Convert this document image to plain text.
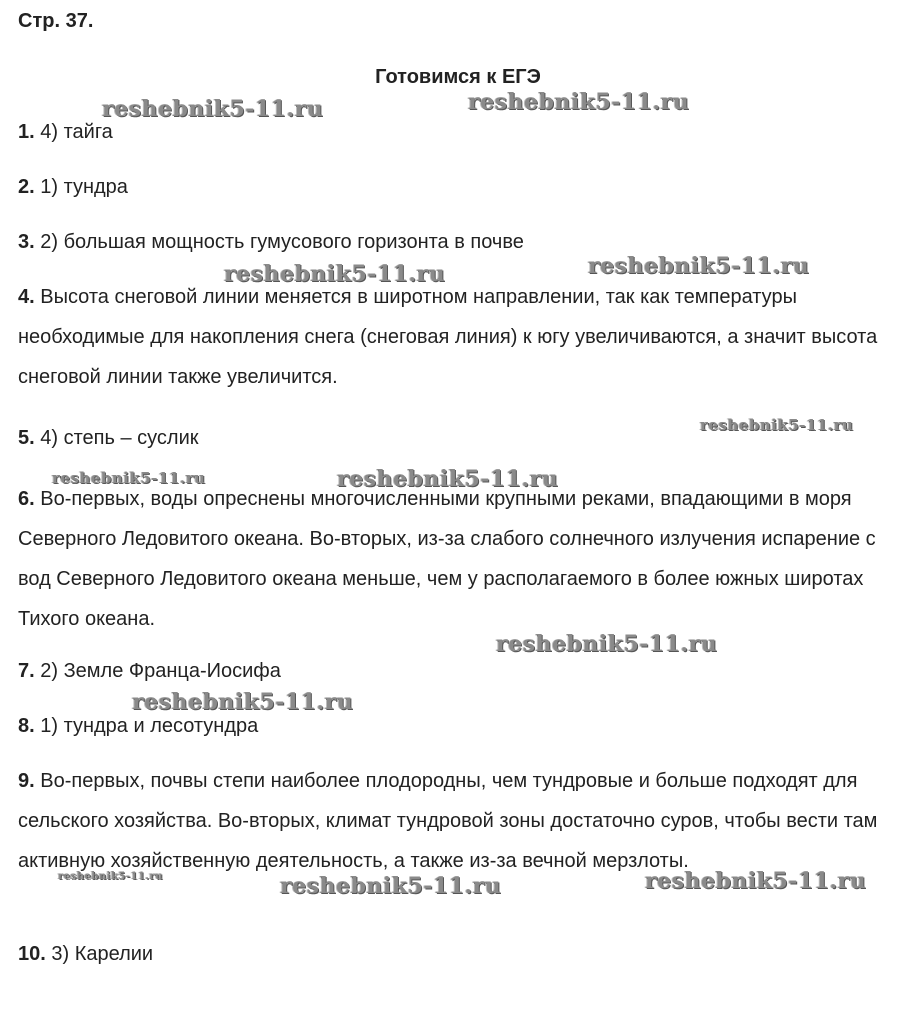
Стр. 37.
Готовимся к ЕГЭ

1. 4) тайга

2. 1) тундра

3. 2) большая мощность гумусового горизонта в почве

4. Высота снеговой линии меняется в широтном направлении, так как температуры необходимые для накопления снега (снеговая линия) к югу увеличиваются, а значит высота снеговой линии также увеличится.

5. 4) степь – суслик

6. Во-первых, воды опреснены многочисленными крупными реками, впадающими в моря Северного Ледовитого океана. Во-вторых, из-за слабого солнечного излучения испарение с вод Северного Ледовитого океана меньше, чем у располагаемого в более южных широтах Тихого океана.

7. 2) Земле Франца-Иосифа

8. 1) тундра и лесотундра

9. Во-первых, почвы степи наиболее плодородны, чем тундровые и больше подходят для сельского хозяйства. Во-вторых, климат тундровой зоны достаточно суров, чтобы вести там активную хозяйственную деятельность, а также из-за вечной мерзлоты.

10. 3) Карелии

reshebnik5-11.ru	reshebnik5-11.ru
reshebnik5-11.ru	reshebnik5-11.ru
reshebnik5-11.ru
reshebnik5-11.ru	reshebnik5-11.ru
reshebnik5-11.ru
reshebnik5-11.ru
reshebnik5-11.ru	reshebnik5-11.ru	reshebnik5-11.ru
